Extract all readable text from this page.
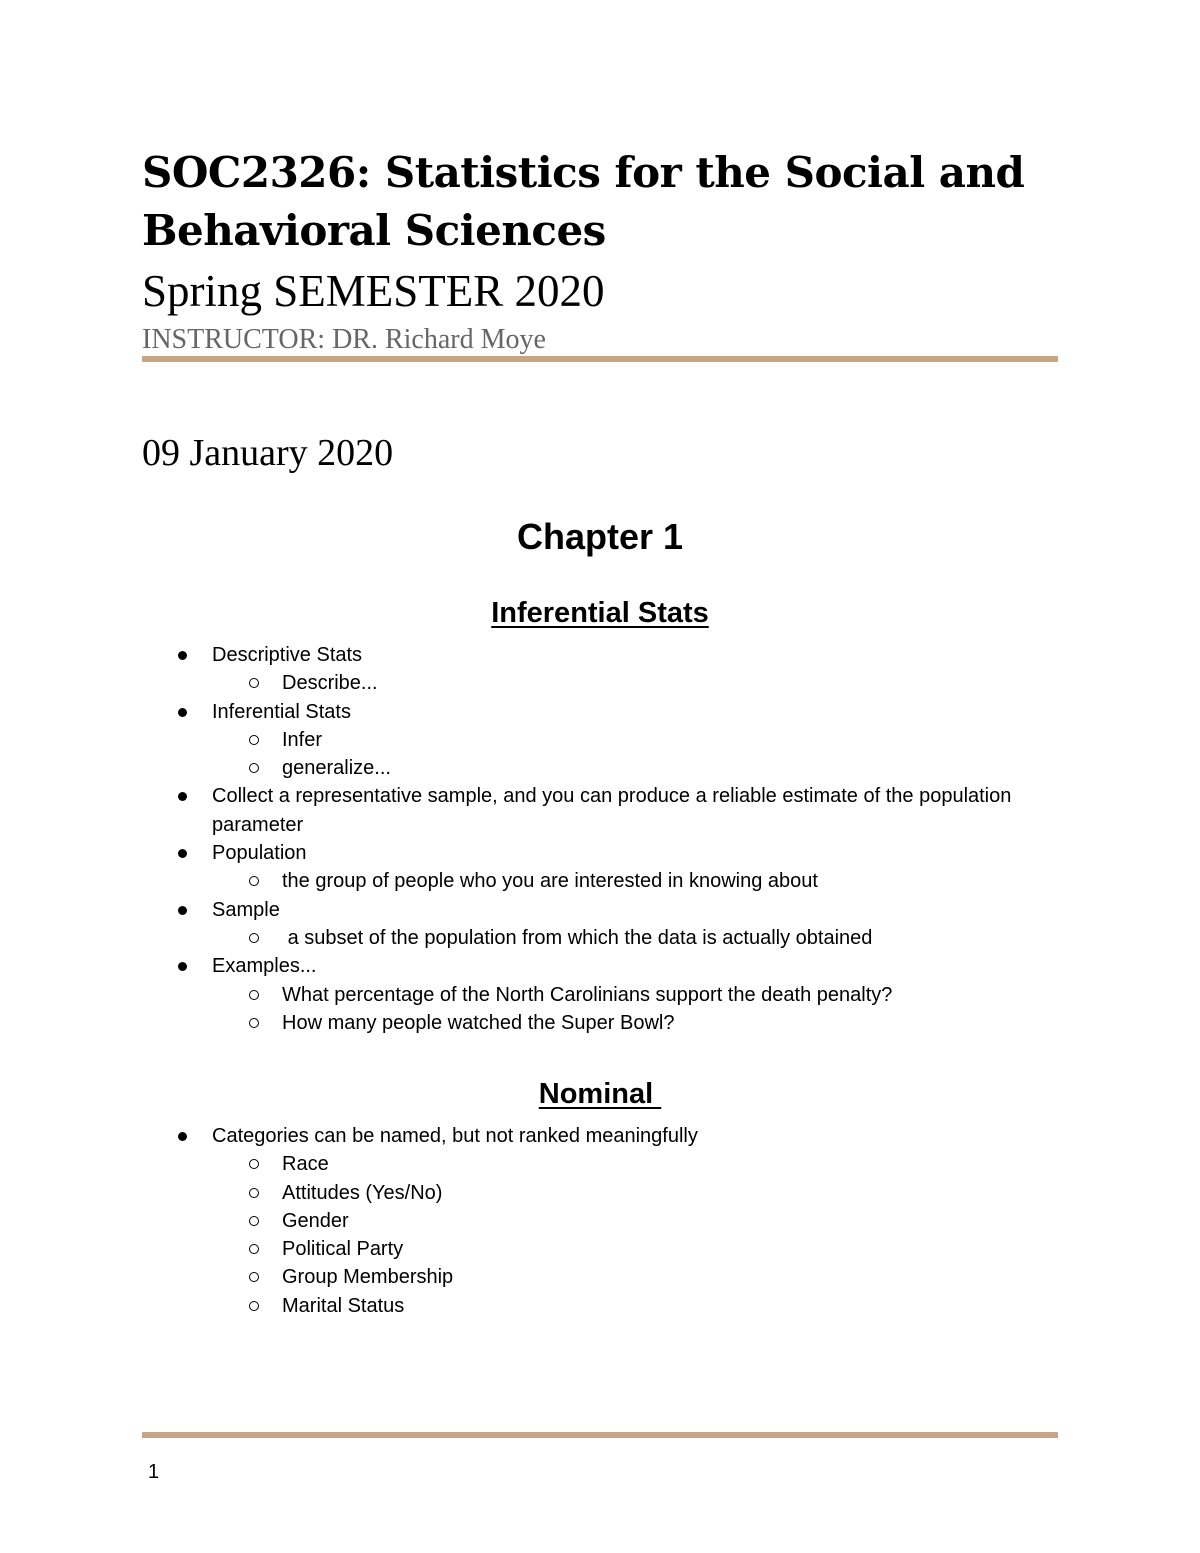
SOC2326: Statistics for the Social and Behavioral Sciences

Spring SEMESTER 2020

INSTRUCTOR: DR. Richard Moye

09 January 2020

Chapter 1
Inferential Stats
Descriptive Stats
Describe...
Inferential Stats
Infer
generalize...
Collect a representative sample, and you can produce a reliable estimate of the population parameter
Population
the group of people who you are interested in knowing about
Sample
a subset of the population from which the data is actually obtained
Examples...
What percentage of the North Carolinians support the death penalty?
How many people watched the Super Bowl?
Nominal
Categories can be named, but not ranked meaningfully
Race
Attitudes (Yes/No)
Gender
Political Party
Group Membership
Marital Status

1
